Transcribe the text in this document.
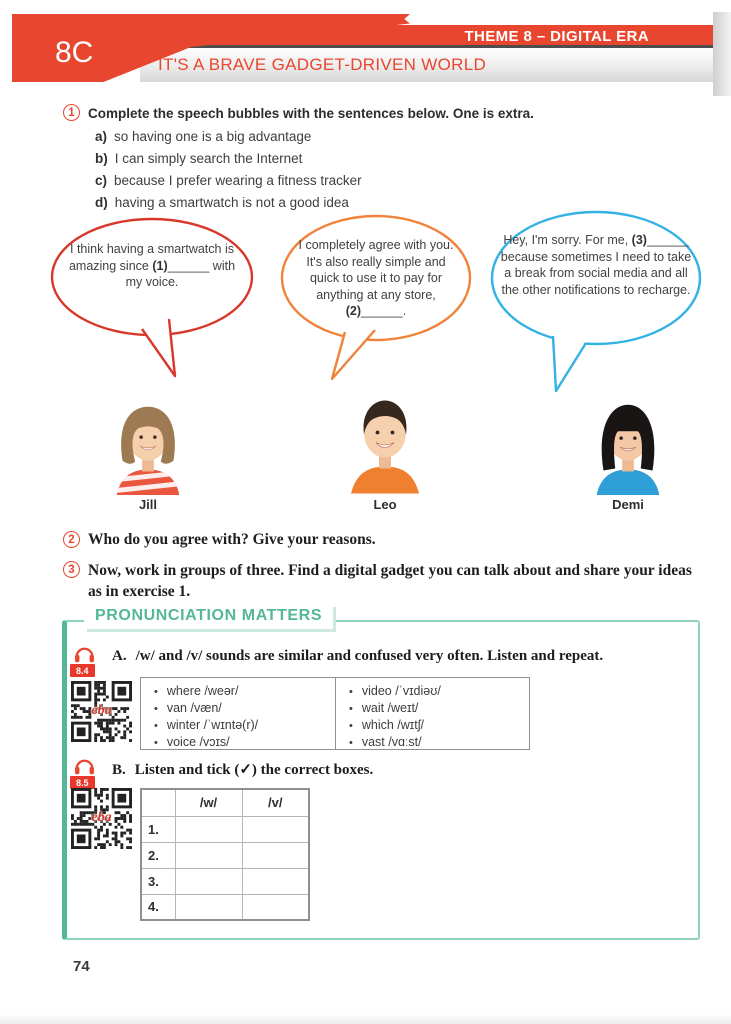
8C	THEME 8 – DIGITAL ERA
IT'S A BRAVE GADGET-DRIVEN WORLD
1 Complete the speech bubbles with the sentences below. One is extra.
a) so having one is a big advantage
b) I can simply search the Internet
c) because I prefer wearing a fitness tracker
d) having a smartwatch is not a good idea
I think having a smartwatch is amazing since (1)______ with my voice.
I completely agree with you. It's also really simple and quick to use it to pay for anything at any store, (2)______.
Hey, I'm sorry. For me, (3)______ because sometimes I need to take a break from social media and all the other notifications to recharge.
Jill	Leo	Demi
2 Who do you agree with? Give your reasons.
3 Now, work in groups of three. Find a digital gadget you can talk about and share your ideas as in exercise 1.
PRONUNCIATION MATTERS
8.4
A. /w/ and /v/ sounds are similar and confused very often. Listen and repeat.
eba
• where /weər/
• van /væn/
• winter /ˈwɪntə(r)/
• voice /vɔɪs/
• video /ˈvɪdiəʊ/
• wait /weɪt/
• which /wɪtʃ/
• vast /vɑːst/
8.5
B. Listen and tick (✓) the correct boxes.
eba
	/w/	/v/
1.		
2.		
3.		
4.		
74
